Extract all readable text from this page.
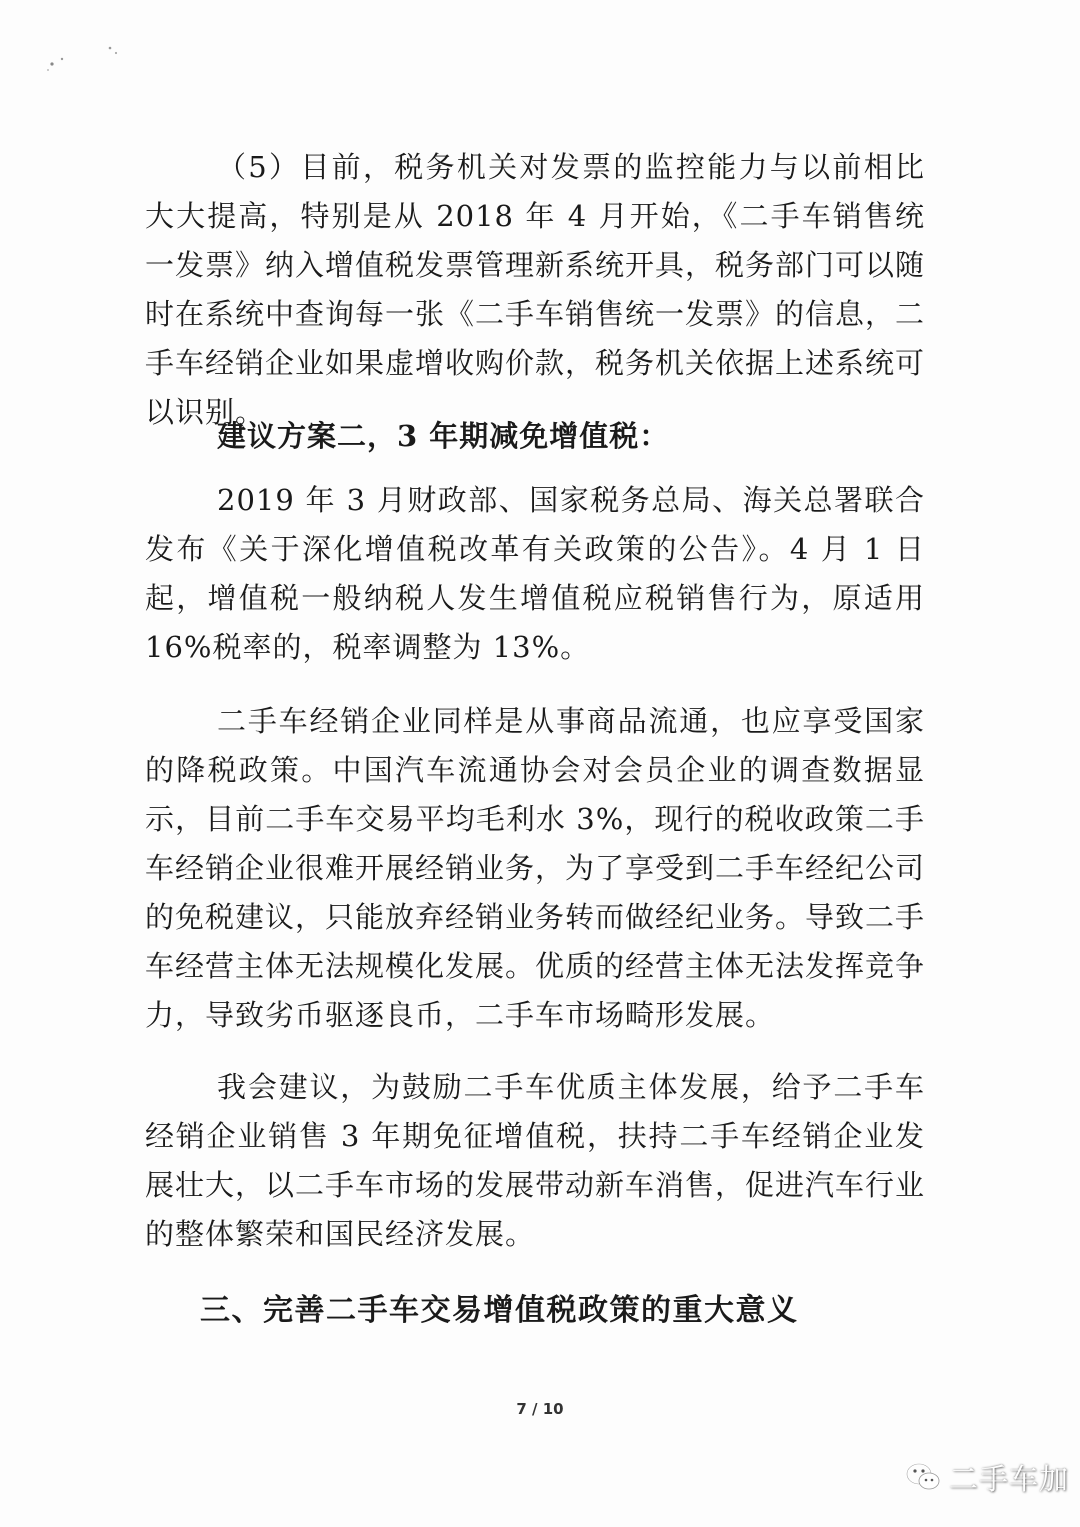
（5）目前，税务机关对发票的监控能力与以前相比大大提高，特别是从 2018 年 4 月开始，《二手车销售统一发票》纳入增值税发票管理新系统开具，税务部门可以随时在系统中查询每一张《二手车销售统一发票》的信息，二手车经销企业如果虚增收购价款，税务机关依据上述系统可以识别。

建议方案二，3 年期减免增值税：

2019 年 3 月财政部、国家税务总局、海关总署联合发布《关于深化增值税改革有关政策的公告》。4 月 1 日起，增值税一般纳税人发生增值税应税销售行为，原适用 16%税率的，税率调整为 13%。

二手车经销企业同样是从事商品流通，也应享受国家的降税政策。中国汽车流通协会对会员企业的调查数据显示，目前二手车交易平均毛利水 3%，现行的税收政策二手车经销企业很难开展经销业务，为了享受到二手车经纪公司的免税建议，只能放弃经销业务转而做经纪业务。导致二手车经营主体无法规模化发展。优质的经营主体无法发挥竞争力，导致劣币驱逐良币，二手车市场畸形发展。

我会建议，为鼓励二手车优质主体发展，给予二手车经销企业销售 3 年期免征增值税，扶持二手车经销企业发展壮大，以二手车市场的发展带动新车消售，促进汽车行业的整体繁荣和国民经济发展。

三、完善二手车交易增值税政策的重大意义

7 / 10
二手车加
